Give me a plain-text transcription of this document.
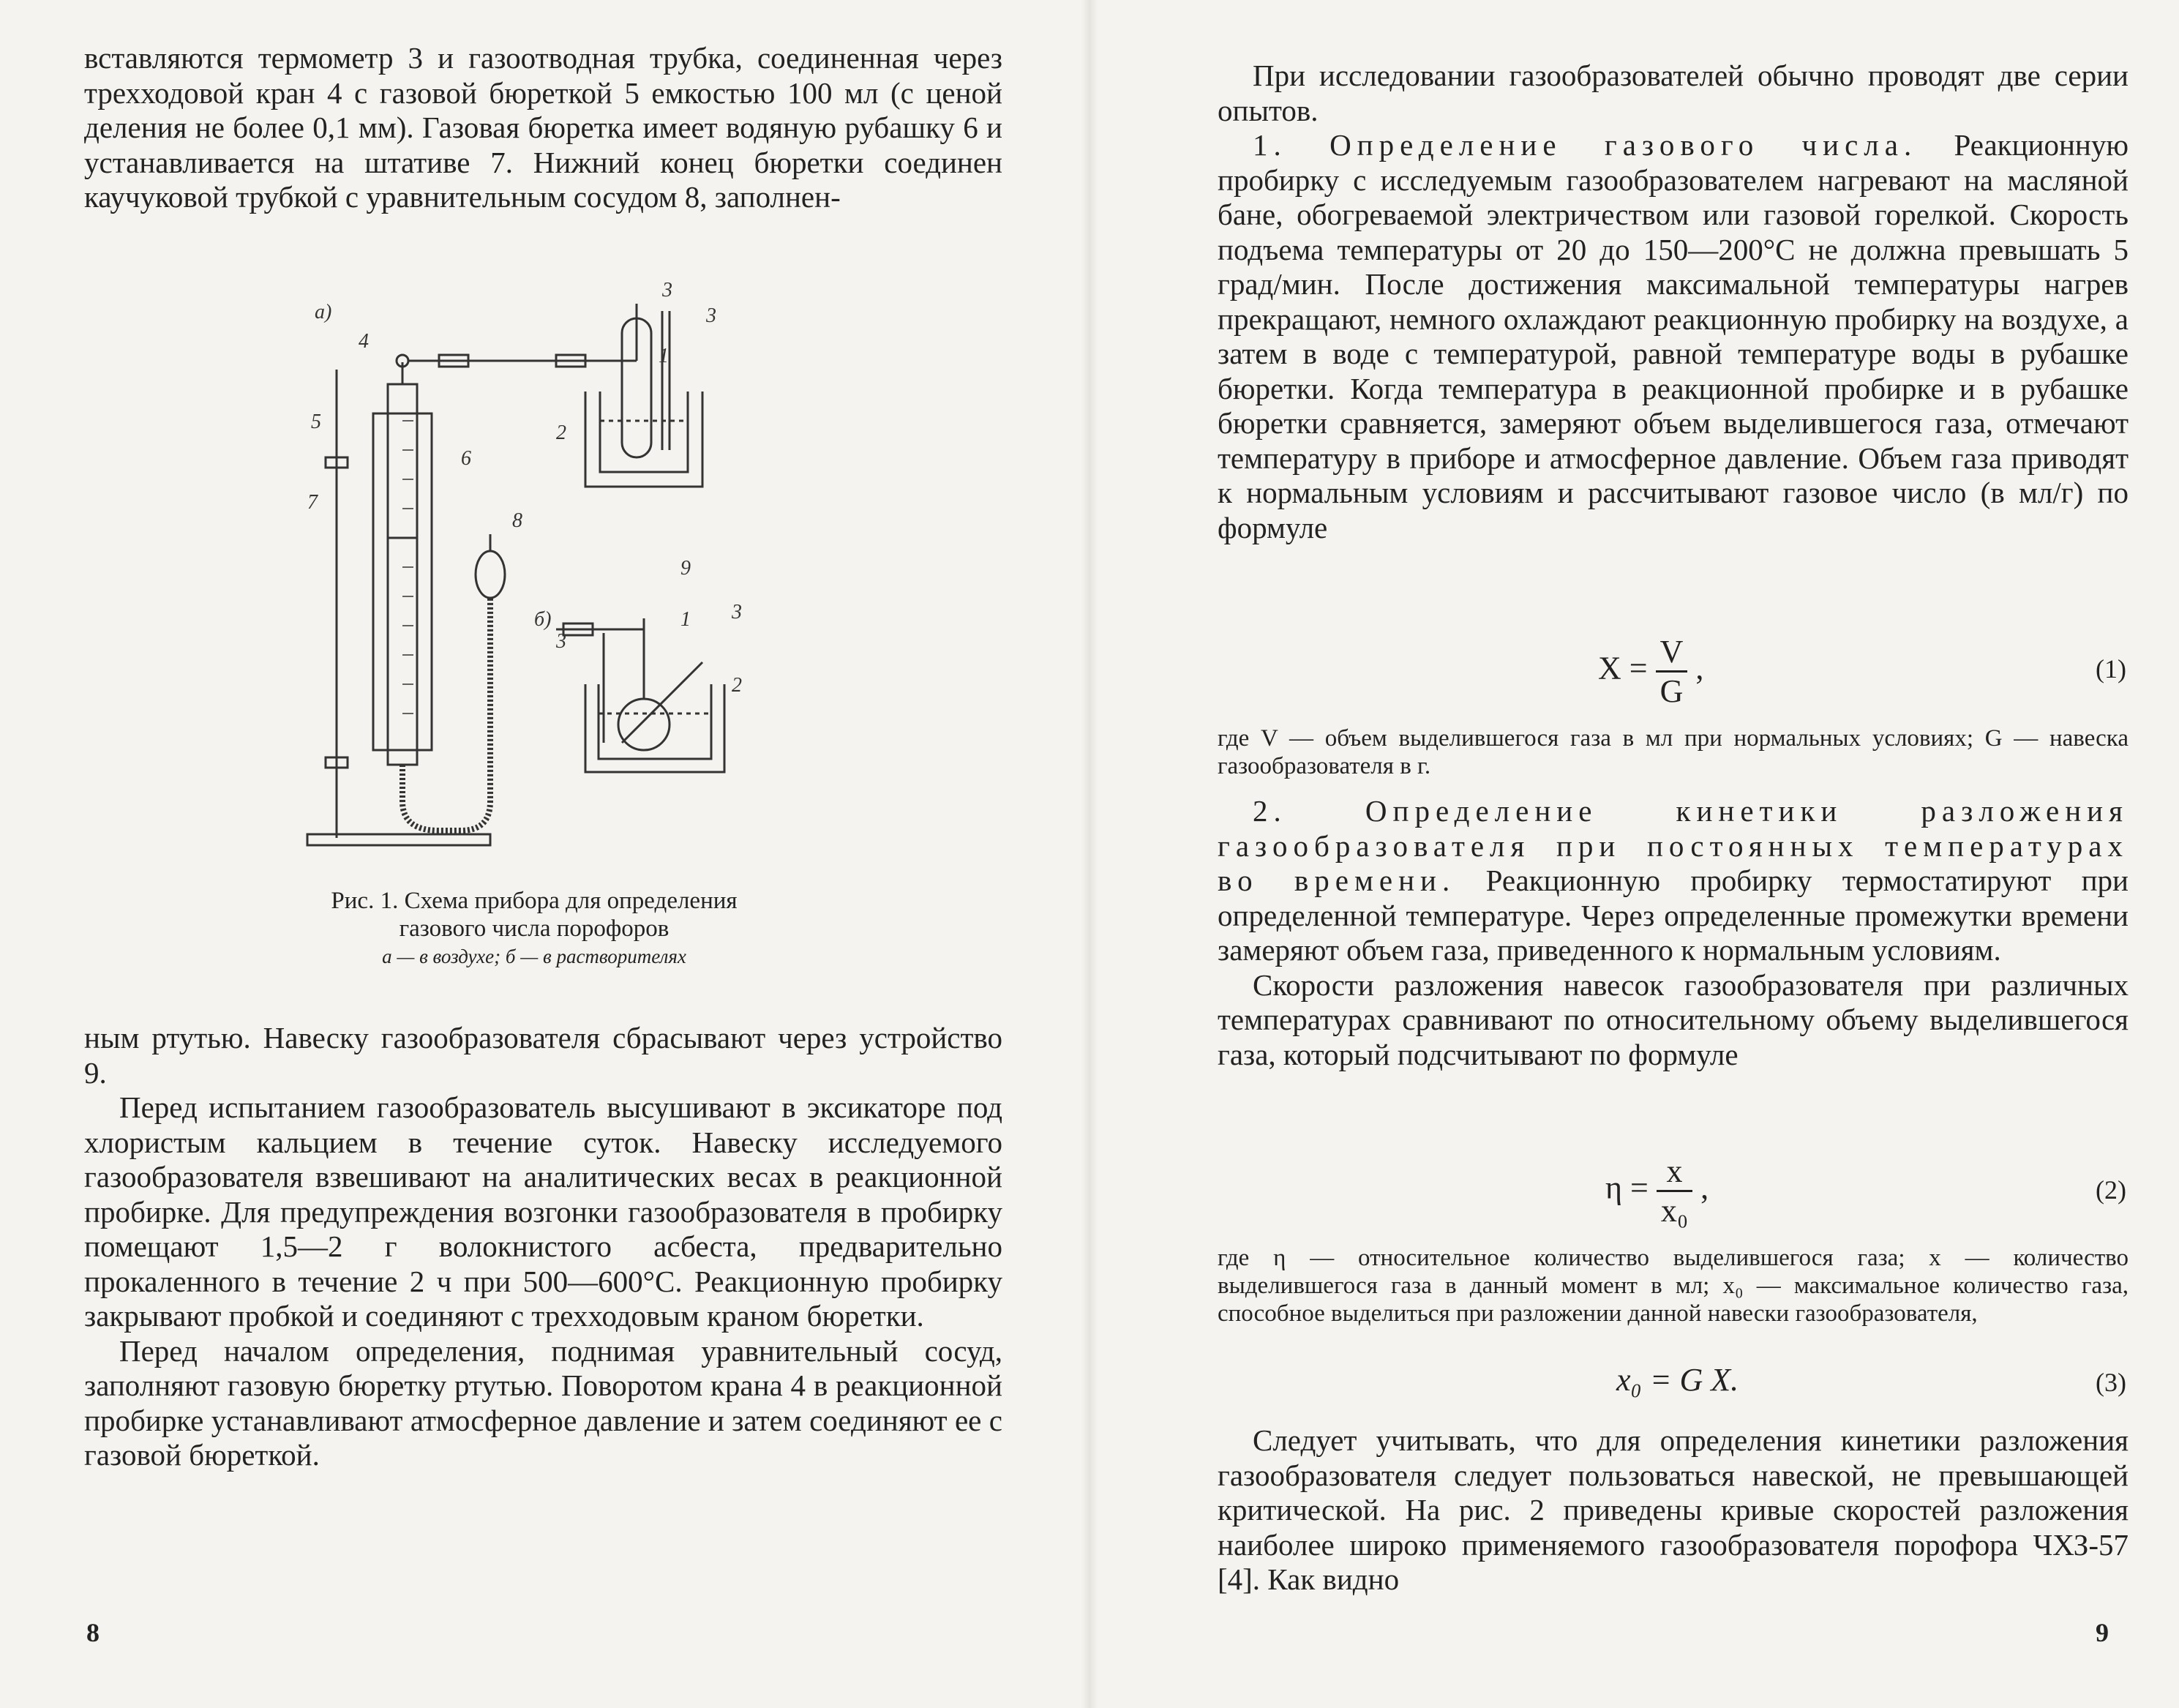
вставляются термометр 3 и газоотводная трубка, соединенная через трехходовой кран 4 с газовой бюреткой 5 емкостью 100 мл (с ценой деления не более 0,1 мм). Газовая бюретка имеет водяную рубашку 6 и устанавливается на штативе 7. Нижний конец бюретки соединен каучуковой трубкой с уравнительным сосудом 8, заполнен-

a)
б)
3
3
4
5
6
1
2
7
8
9
3
1 3
2
Рис. 1. Схема прибора для определения
газового числа порофоров
а — в воздухе; б — в растворителях

ным ртутью. Навеску газообразователя сбрасывают через устройство 9.

Перед испытанием газообразователь высушивают в эксикаторе под хлористым кальцием в течение суток. Навеску исследуемого газообразователя взвешивают на аналитических весах в реакционной пробирке. Для предупреждения возгонки газообразователя в пробирку помещают 1,5—2 г волокнистого асбеста, предварительно прокаленного в течение 2 ч при 500—600°С. Реакционную пробирку закрывают пробкой и соединяют с трехходовым краном бюретки.

Перед началом определения, поднимая уравнительный сосуд, заполняют газовую бюретку ртутью. Поворотом крана 4 в реакционной пробирке устанавливают атмосферное давление и затем соединяют ее с газовой бюреткой.

8

При исследовании газообразователей обычно проводят две серии опытов.

1. Определение газового числа. Реакционную пробирку с исследуемым газообразователем нагревают на масляной бане, обогреваемой электричеством или газовой горелкой. Скорость подъема температуры от 20 до 150—200°С не должна превышать 5 град/мин. После достижения максимальной температуры нагрев прекращают, немного охлаждают реакционную пробирку на воздухе, а затем в воде с температурой, равной температуре воды в рубашке бюретки. Когда температура в реакционной пробирке и в рубашке бюретки сравняется, замеряют объем выделившегося газа, отмечают температуру в приборе и атмосферное давление. Объем газа приводят к нормальным условиям и рассчитывают газовое число (в мл/г) по формуле

$X = \frac{V}{G}$ ,	(1)
где V — объем выделившегося газа в мл при нормальных условиях; G — навеска газообразователя в г.

2. Определение кинетики разложения газообразователя при постоянных температурах во времени. Реакционную пробирку термостатируют при определенной температуре. Через определенные промежутки времени замеряют объем газа, приведенного к нормальным условиям.

Скорости разложения навесок газообразователя при различных температурах сравнивают по относительному объему выделившегося газа, который подсчитывают по формуле

$\eta = \frac{x}{\text{x₀}}$ ,	(2)
где η — относительное количество выделившегося газа; x — количество выделившегося газа в данный момент в мл; x₀ — максимальное количество газа, способное выделиться при разложении данной навески газообразователя,
x₀ = G X.	(3)

Следует учитывать, что для определения кинетики разложения газообразователя следует пользоваться навеской, не превышающей критической. На рис. 2 приведены кривые скоростей разложения наиболее широко применяемого газообразователя порофора ЧХЗ-57 [4]. Как видно

9
